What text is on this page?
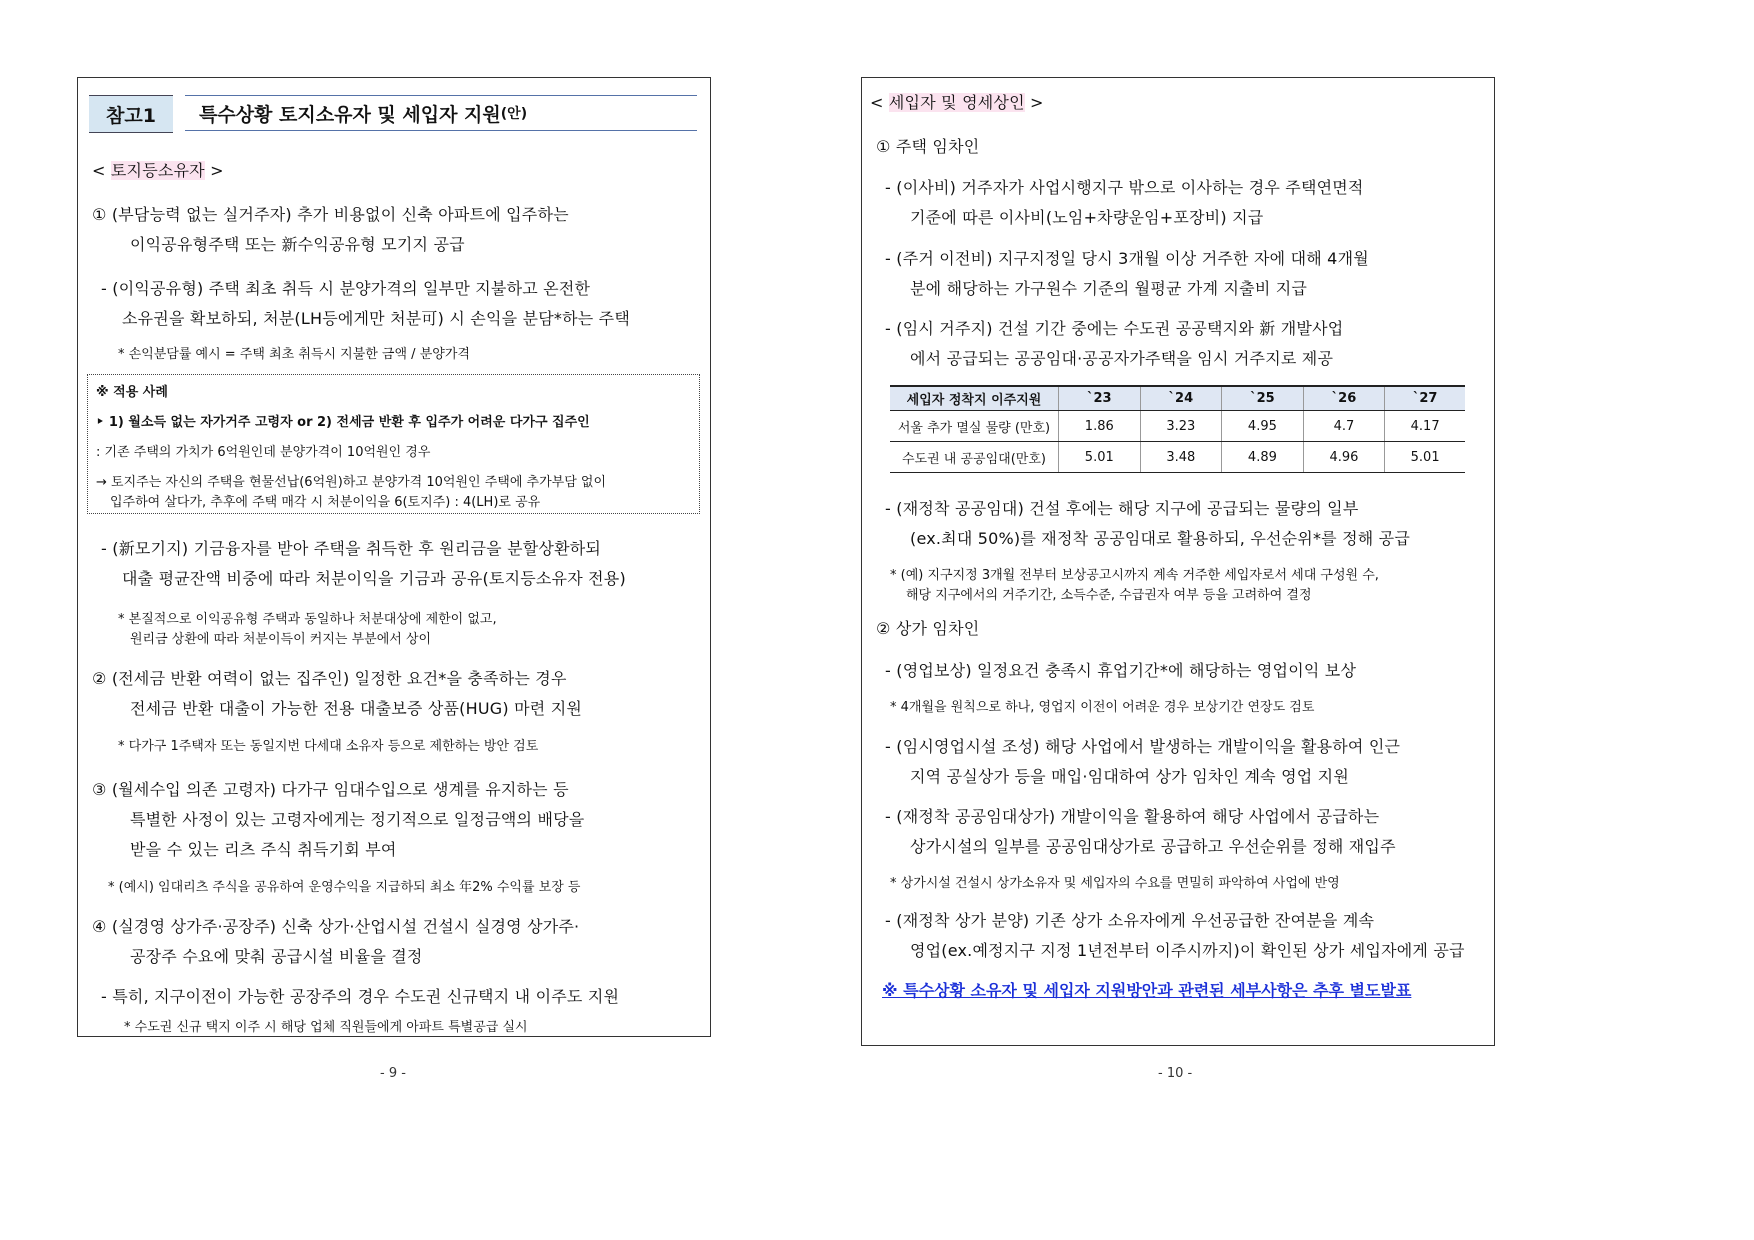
참고1	특수상황 토지소유자 및 세입자 지원 (안)
< 토지등소유자 >
① (부담능력 없는 실거주자) 추가 비용없이 신축 아파트에 입주하는
이익공유형주택 또는 新수익공유형 모기지 공급
- (이익공유형) 주택 최초 취득 시 분양가격의 일부만 지불하고 온전한
소유권을 확보하되, 처분(LH등에게만 처분可) 시 손익을 분담*하는 주택
* 손익분담률 예시 = 주택 최초 취득시 지불한 금액 / 분양가격
※ 적용 사례
‣ 1) 월소득 없는 자가거주 고령자 or 2) 전세금 반환 후 입주가 어려운 다가구 집주인
: 기존 주택의 가치가 6억원인데 분양가격이 10억원인 경우
→ 토지주는 자신의 주택을 현물선납(6억원)하고 분양가격 10억원인 주택에 추가부담 없이
입주하여 살다가, 추후에 주택 매각 시 처분이익을 6(토지주) : 4(LH)로 공유
- (新모기지) 기금융자를 받아 주택을 취득한 후 원리금을 분할상환하되
대출 평균잔액 비중에 따라 처분이익을 기금과 공유(토지등소유자 전용)
* 본질적으로 이익공유형 주택과 동일하나 처분대상에 제한이 없고,
원리금 상환에 따라 처분이득이 커지는 부분에서 상이
② (전세금 반환 여력이 없는 집주인) 일정한 요건*을 충족하는 경우
전세금 반환 대출이 가능한 전용 대출보증 상품(HUG) 마련 지원
* 다가구 1주택자 또는 동일지번 다세대 소유자 등으로 제한하는 방안 검토
③ (월세수입 의존 고령자) 다가구 임대수입으로 생계를 유지하는 등
특별한 사정이 있는 고령자에게는 정기적으로 일정금액의 배당을
받을 수 있는 리츠 주식 취득기회 부여
* (예시) 임대리츠 주식을 공유하여 운영수익을 지급하되 최소 年2% 수익률 보장 등
④ (실경영 상가주·공장주) 신축 상가·산업시설 건설시 실경영 상가주·
공장주 수요에 맞춰 공급시설 비율을 결정
- 특히, 지구이전이 가능한 공장주의 경우 수도권 신규택지 내 이주도 지원
* 수도권 신규 택지 이주 시 해당 업체 직원들에게 아파트 특별공급 실시
- 9 -
< 세입자 및 영세상인 >
① 주택 임차인
- (이사비) 거주자가 사업시행지구 밖으로 이사하는 경우 주택연면적
기준에 따른 이사비(노임+차량운임+포장비) 지급
- (주거 이전비) 지구지정일 당시 3개월 이상 거주한 자에 대해 4개월
분에 해당하는 가구원수 기준의 월평균 가계 지출비 지급
- (임시 거주지) 건설 기간 중에는 수도권 공공택지와 新 개발사업
에서 공급되는 공공임대·공공자가주택을 임시 거주지로 제공
세입자 정착지 이주지원	`23	`24	`25	`26	`27
서울 추가 멸실 물량 (만호)	1.86	3.23	4.95	4.7	4.17
수도권 내 공공임대(만호)	5.01	3.48	4.89	4.96	5.01
- (재정착 공공임대) 건설 후에는 해당 지구에 공급되는 물량의 일부
(ex.최대 50%)를 재정착 공공임대로 활용하되, 우선순위*를 정해 공급
* (예) 지구지정 3개월 전부터 보상공고시까지 계속 거주한 세입자로서 세대 구성원 수,
해당 지구에서의 거주기간, 소득수준, 수급권자 여부 등을 고려하여 결정
② 상가 임차인
- (영업보상) 일정요건 충족시 휴업기간*에 해당하는 영업이익 보상
* 4개월을 원칙으로 하나, 영업지 이전이 어려운 경우 보상기간 연장도 검토
- (임시영업시설 조성) 해당 사업에서 발생하는 개발이익을 활용하여 인근
지역 공실상가 등을 매입·임대하여 상가 임차인 계속 영업 지원
- (재정착 공공임대상가) 개발이익을 활용하여 해당 사업에서 공급하는
상가시설의 일부를 공공임대상가로 공급하고 우선순위를 정해 재입주
* 상가시설 건설시 상가소유자 및 세입자의 수요를 면밀히 파악하여 사업에 반영
- (재정착 상가 분양) 기존 상가 소유자에게 우선공급한 잔여분을 계속
영업(ex.예정지구 지정 1년전부터 이주시까지)이 확인된 상가 세입자에게 공급
※ 특수상황 소유자 및 세입자 지원방안과 관련된 세부사항은 추후 별도발표
- 10 -
